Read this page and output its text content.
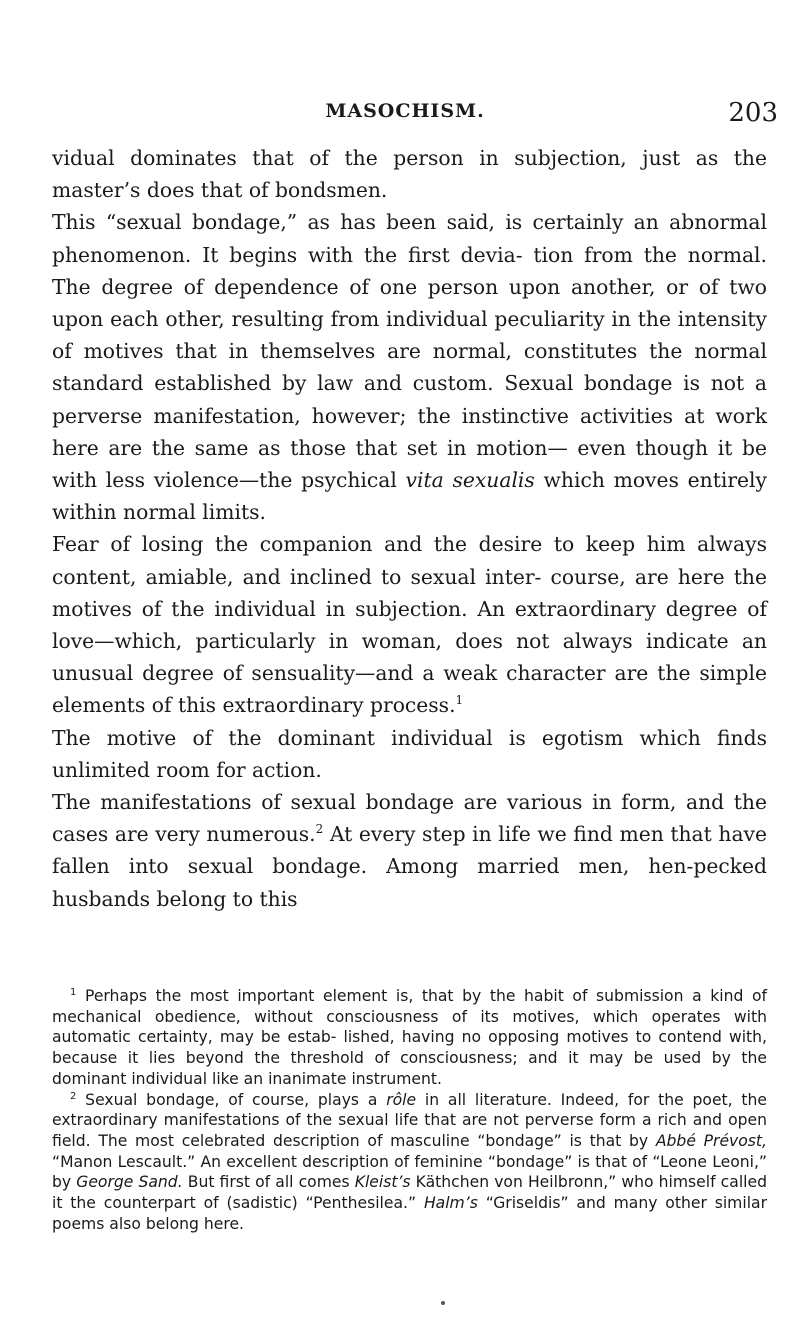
MASOCHISM.	203

vidual dominates that of the person in subjection, just as the master’s does that of bondsmen.

This “sexual bondage,” as has been said, is certainly an abnormal phenomenon. It begins with the first devia- tion from the normal. The degree of dependence of one person upon another, or of two upon each other, resulting from individual peculiarity in the intensity of motives that in themselves are normal, constitutes the normal standard established by law and custom. Sexual bondage is not a perverse manifestation, however; the instinctive activities at work here are the same as those that set in motion— even though it be with less violence—the psychical vita sexualis which moves entirely within normal limits.

Fear of losing the companion and the desire to keep him always content, amiable, and inclined to sexual inter- course, are here the motives of the individual in subjection. An extraordinary degree of love—which, particularly in woman, does not always indicate an unusual degree of sensuality—and a weak character are the simple elements of this extraordinary process.$^1$

The motive of the dominant individual is egotism which finds unlimited room for action.

The manifestations of sexual bondage are various in form, and the cases are very numerous.$^2$ At every step in life we find men that have fallen into sexual bondage. Among married men, hen-pecked husbands belong to this

$^1$ Perhaps the most important element is, that by the habit of submission a kind of mechanical obedience, without consciousness of its motives, which operates with automatic certainty, may be estab- lished, having no opposing motives to contend with, because it lies beyond the threshold of consciousness; and it may be used by the dominant individual like an inanimate instrument.

$^2$ Sexual bondage, of course, plays a rôle in all literature. Indeed, for the poet, the extraordinary manifestations of the sexual life that are not perverse form a rich and open field. The most celebrated description of masculine “bondage” is that by Abbé Prévost, “Manon Lescault.” An excellent description of feminine “bondage” is that of “Leone Leoni,” by George Sand. But first of all comes Kleist’s Käthchen von Heilbronn,” who himself called it the counterpart of (sadistic) “Penthesilea.” Halm’s “Griseldis” and many other similar poems also belong here.
